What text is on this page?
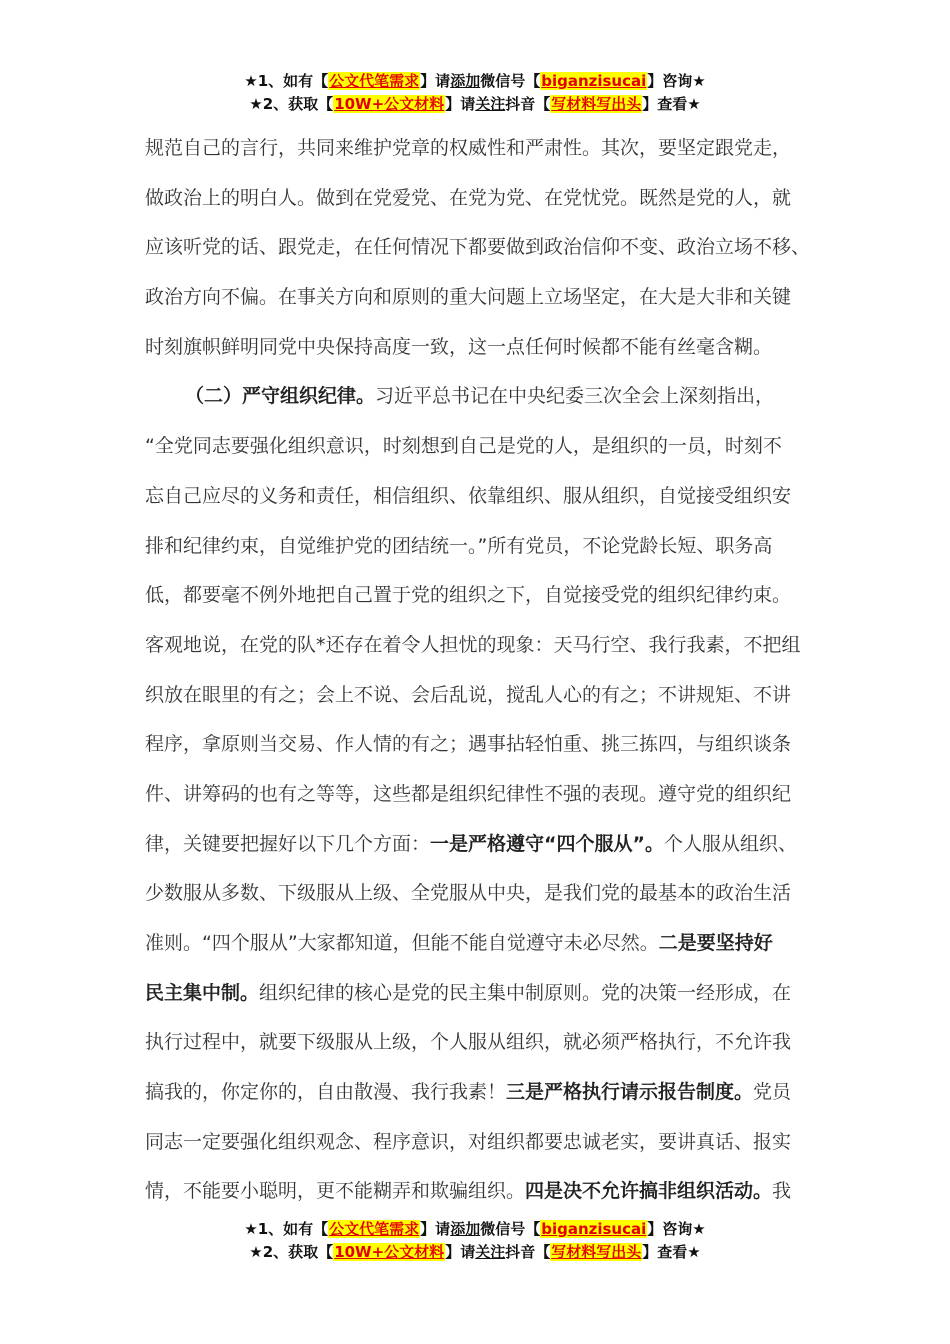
★1、如有【公文代笔需求】请添加微信号【biganzisucai】咨询★
★2、获取【10W+公文材料】请关注抖音【写材料写出头】查看★
规范自己的言行，共同来维护党章的权威性和严肃性。其次，要坚定跟党走，
做政治上的明白人。做到在党爱党、在党为党、在党忧党。既然是党的人，就
应该听党的话、跟党走，在任何情况下都要做到政治信仰不变、政治立场不移、
政治方向不偏。在事关方向和原则的重大问题上立场坚定，在大是大非和关键
时刻旗帜鲜明同党中央保持高度一致，这一点任何时候都不能有丝毫含糊。
（二）严守组织纪律。习近平总书记在中央纪委三次全会上深刻指出，
“全党同志要强化组织意识，时刻想到自己是党的人，是组织的一员，时刻不
忘自己应尽的义务和责任，相信组织、依靠组织、服从组织，自觉接受组织安
排和纪律约束，自觉维护党的团结统一。”所有党员，不论党龄长短、职务高
低，都要毫不例外地把自己置于党的组织之下，自觉接受党的组织纪律约束。
客观地说，在党的队*还存在着令人担忧的现象：天马行空、我行我素，不把组
织放在眼里的有之；会上不说、会后乱说，搅乱人心的有之；不讲规矩、不讲
程序，拿原则当交易、作人情的有之；遇事拈轻怕重、挑三拣四，与组织谈条
件、讲筹码的也有之等等，这些都是组织纪律性不强的表现。遵守党的组织纪
律，关键要把握好以下几个方面：一是严格遵守“四个服从”。个人服从组织、
少数服从多数、下级服从上级、全党服从中央，是我们党的最基本的政治生活
准则。“四个服从”大家都知道，但能不能自觉遵守未必尽然。二是要坚持好
民主集中制。组织纪律的核心是党的民主集中制原则。党的决策一经形成，在
执行过程中，就要下级服从上级，个人服从组织，就必须严格执行，不允许我
搞我的，你定你的，自由散漫、我行我素！三是严格执行请示报告制度。党员
同志一定要强化组织观念、程序意识，对组织都要忠诚老实，要讲真话、报实
情，不能要小聪明，更不能糊弄和欺骗组织。四是决不允许搞非组织活动。我
★1、如有【公文代笔需求】请添加微信号【biganzisucai】咨询★
★2、获取【10W+公文材料】请关注抖音【写材料写出头】查看★
